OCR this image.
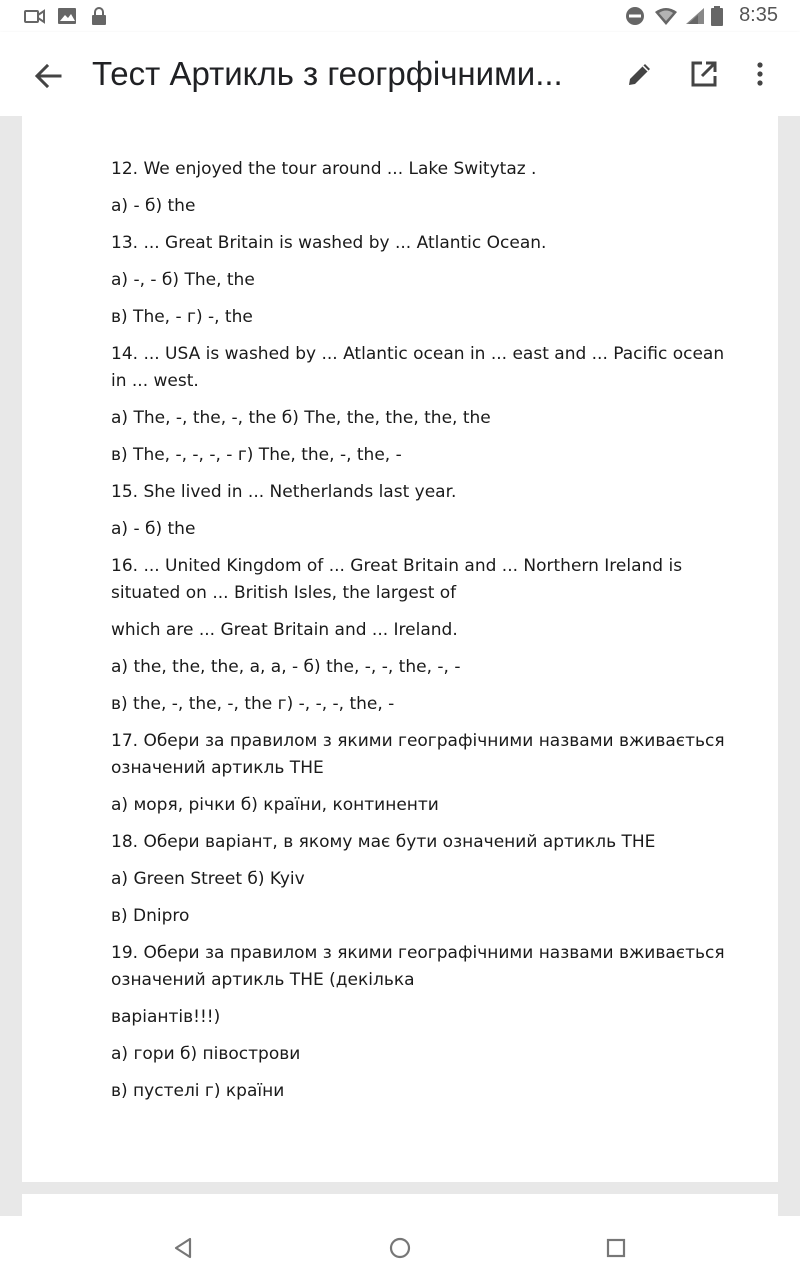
8:35
Тест Артикль з геогрфічними...
12. We enjoyed the tour around ... Lake Switytaz .
а) - б) the
13. ... Great Britain is washed by ... Atlantic Ocean.
а) -, - б) The, the
в) The, - г) -, the
14. ... USA is washed by ... Atlantic ocean in ... east and ... Pacific ocean in ... west.
а) The, -, the, -, the б) The, the, the, the, the
в) The, -, -, -, - г) The, the, -, the, -
15. She lived in ... Netherlands last year.
а) - б) the
16. ... United Kingdom of ... Great Britain and ... Northern Ireland is situated on ... British Isles, the largest of
which are ... Great Britain and ... Ireland.
а) the, the, the, a, a, - б) the, -, -, the, -, -
в) the, -, the, -, the г) -, -, -, the, -
17. Обери за правилом з якими географічними назвами вживається означений артикль THE
а) моря, річки б) країни, континенти
18. Обери варіант, в якому має бути означений артикль THE
а) Green Street б) Kyiv
в) Dnipro
19. Обери за правилом з якими географічними назвами вживається означений артикль THE (декілька
варіантів!!!)
а) гори б) півострови
в) пустелі г) країни
